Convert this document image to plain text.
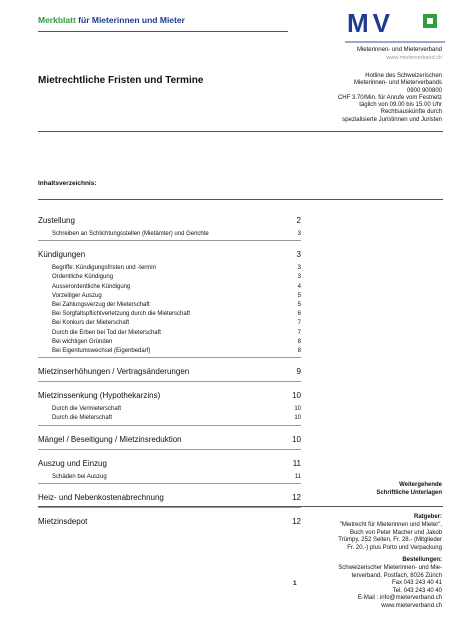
Merkblatt für Mieterinnen und Mieter	MV
Mieterinnen- und Mieterverband
www.mieterverband.ch
Mietrechtliche Fristen und Termine	Hotline des Schweizerischen
Mieterinnen- und Mieterverbands
0900 900800
CHF 3.70/Min. für Anrufe vom Festnetz
täglich von 09.00 bis 15.00 Uhr
Rechtsauskünfte durch
spezialisierte Juristinnen und Juristen
Inhaltsverzeichnis:
Zustellung	2
Schreiben an Schlichtungsstellen (Mietämter) und Gerichte	3
Kündigungen	3
Begriffe: Kündigungsfristen und -termin	3
Ordentliche Kündigung	3
Ausserordentliche Kündigung	4
Vorzeitiger Auszug	5
Bei Zahlungsverzug der Mieterschaft	5
Bei Sorgfaltspflichtverletzung durch die Mieterschaft	6
Bei Konkurs der Mieterschaft	7
Durch die Erben bei Tod der Mieterschaft	7
Bei wichtigen Gründen	8
Bei Eigentumswechsel (Eigenbedarf)	8
Mietzinserhöhungen / Vertragsänderungen	9
Mietzinssenkung (Hypothekarzins)	10
Durch die Vermieterschaft	10
Durch die Mieterschaft	10
Mängel / Beseitigung / Mietzinsreduktion	10
Auszug und Einzug	11
Schäden bei Auszug	11
Heiz- und Nebenkostenabrechnung	12
Mietzinsdepot	12
Weitergehende
Schriftliche Unterlagen
Ratgeber:
"Mietrecht für Mieterinnen und Mieter",
Buch von Peter Macher und Jakob
Trümpy, 252 Seiten, Fr. 28.- (Mitglieder
Fr. 20.-) plus Porto und Verpackung
Bestellungen:
Schweizerischer Mieterinnen- und Mie-
terverband, Postfach, 8026 Zürich
Fax 043 243 40 41
Tel. 043 243 40 40
E-Mail : info@mieterverband.ch
www.mieterverband.ch
1
